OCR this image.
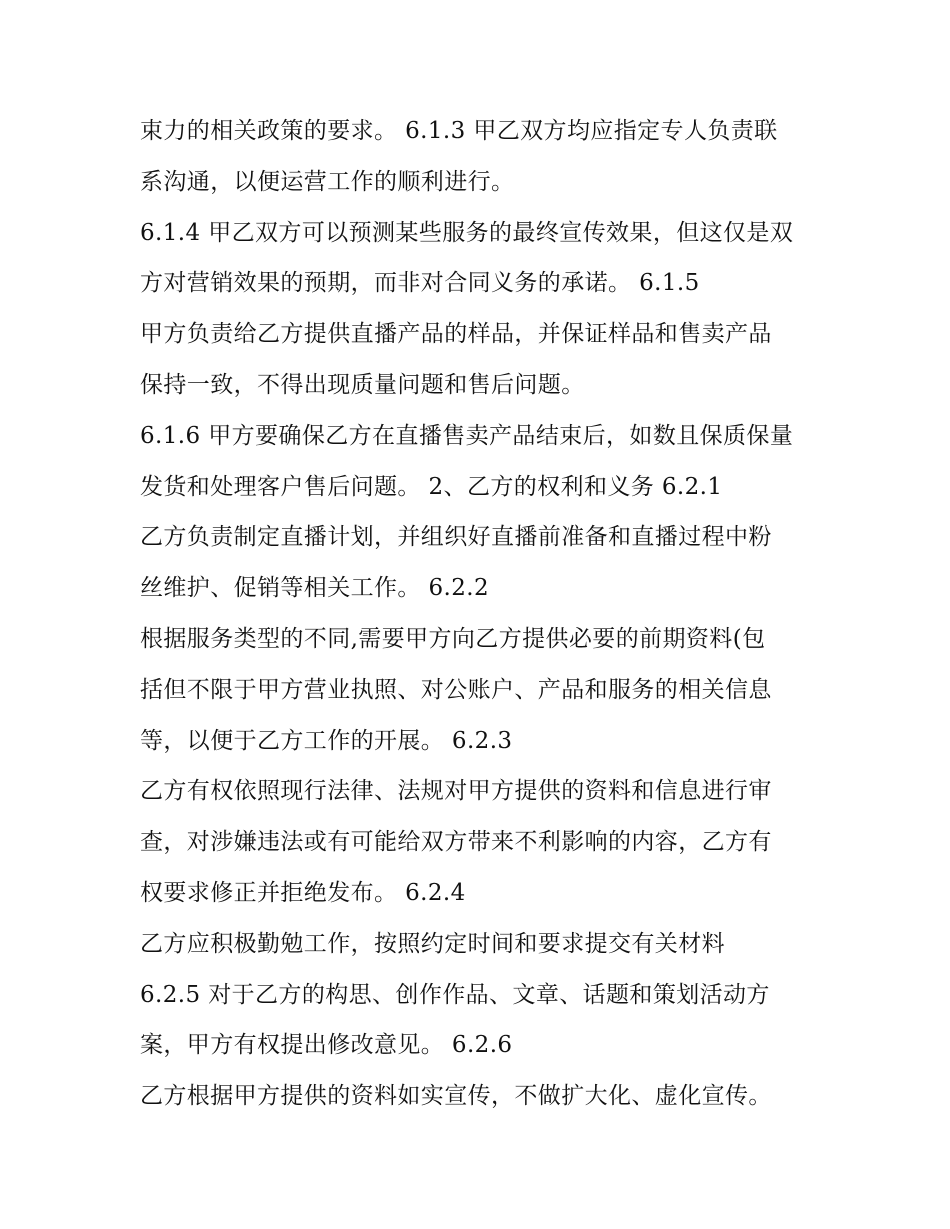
束力的相关政策的要求。 6.1.3 甲乙双方均应指定专人负责联
系沟通，以便运营工作的顺利进行。
6.1.4 甲乙双方可以预测某些服务的最终宣传效果，但这仅是双
方对营销效果的预期，而非对合同义务的承诺。 6.1.5
甲方负责给乙方提供直播产品的样品，并保证样品和售卖产品
保持一致，不得出现质量问题和售后问题。
6.1.6 甲方要确保乙方在直播售卖产品结束后，如数且保质保量
发货和处理客户售后问题。 2、乙方的权利和义务 6.2.1
乙方负责制定直播计划，并组织好直播前准备和直播过程中粉
丝维护、促销等相关工作。 6.2.2
根据服务类型的不同,需要甲方向乙方提供必要的前期资料(包
括但不限于甲方营业执照、对公账户、产品和服务的相关信息
等，以便于乙方工作的开展。 6.2.3
乙方有权依照现行法律、法规对甲方提供的资料和信息进行审
查，对涉嫌违法或有可能给双方带来不利影响的内容，乙方有
权要求修正并拒绝发布。 6.2.4
乙方应积极勤勉工作，按照约定时间和要求提交有关材料
6.2.5 对于乙方的构思、创作作品、文章、话题和策划活动方
案，甲方有权提出修改意见。 6.2.6
乙方根据甲方提供的资料如实宣传，不做扩大化、虚化宣传。
